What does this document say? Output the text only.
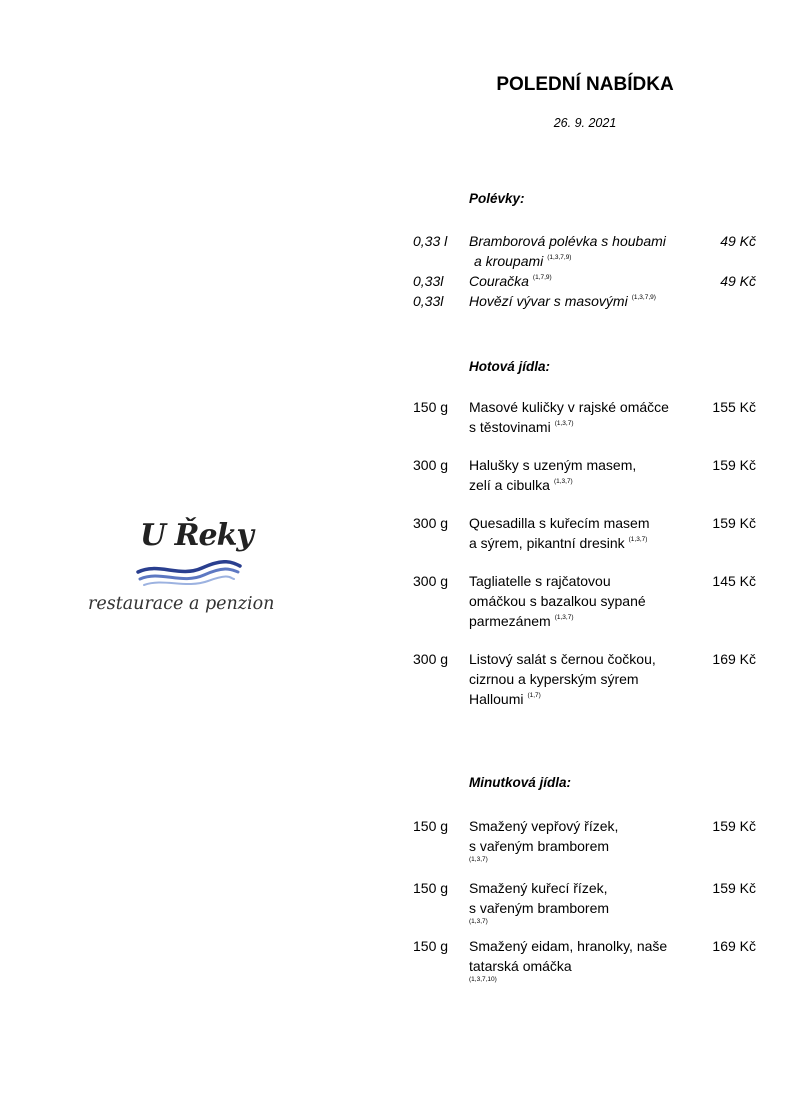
POLEDNÍ NABÍDKA
26. 9. 2021
U Řeky
restaurace a penzion
Polévky:
0,33 l Bramborová polévka s houbami
a kroupami $^{(1,3,7,9)}$
49 Kč
0,33l Couračka $^{(1,7,9)}$	49 Kč
0,33l Hovězí vývar s masovými $^{(1,3,7,9)}$
Hotová jídla:
150 g Masové kuličky v rajské omáčce
s těstovinami $^{(1,3,7)}$
155 Kč
300 g Halušky s uzeným masem,
zelí a cibulka $^{(1,3,7)}$
159 Kč
300 g Quesadilla s kuřecím masem
a sýrem, pikantní dresink $^{(1,3,7)}$
159 Kč
300 g Tagliatelle s rajčatovou
omáčkou s bazalkou sypané
parmezánem $^{(1,3,7)}$
145 Kč
300 g Listový salát s černou čočkou,
cizrnou a kyperským sýrem
Halloumi $^{(1,7)}$
169 Kč
Minutková jídla:
150 g Smažený vepřový řízek,
s vařeným bramborem
(1,3,7)
159 Kč
150 g Smažený kuřecí řízek,
s vařeným bramborem
(1,3,7)
159 Kč
150 g Smažený eidam, hranolky, naše
tatarská omáčka
(1,3,7,10)
169 Kč
